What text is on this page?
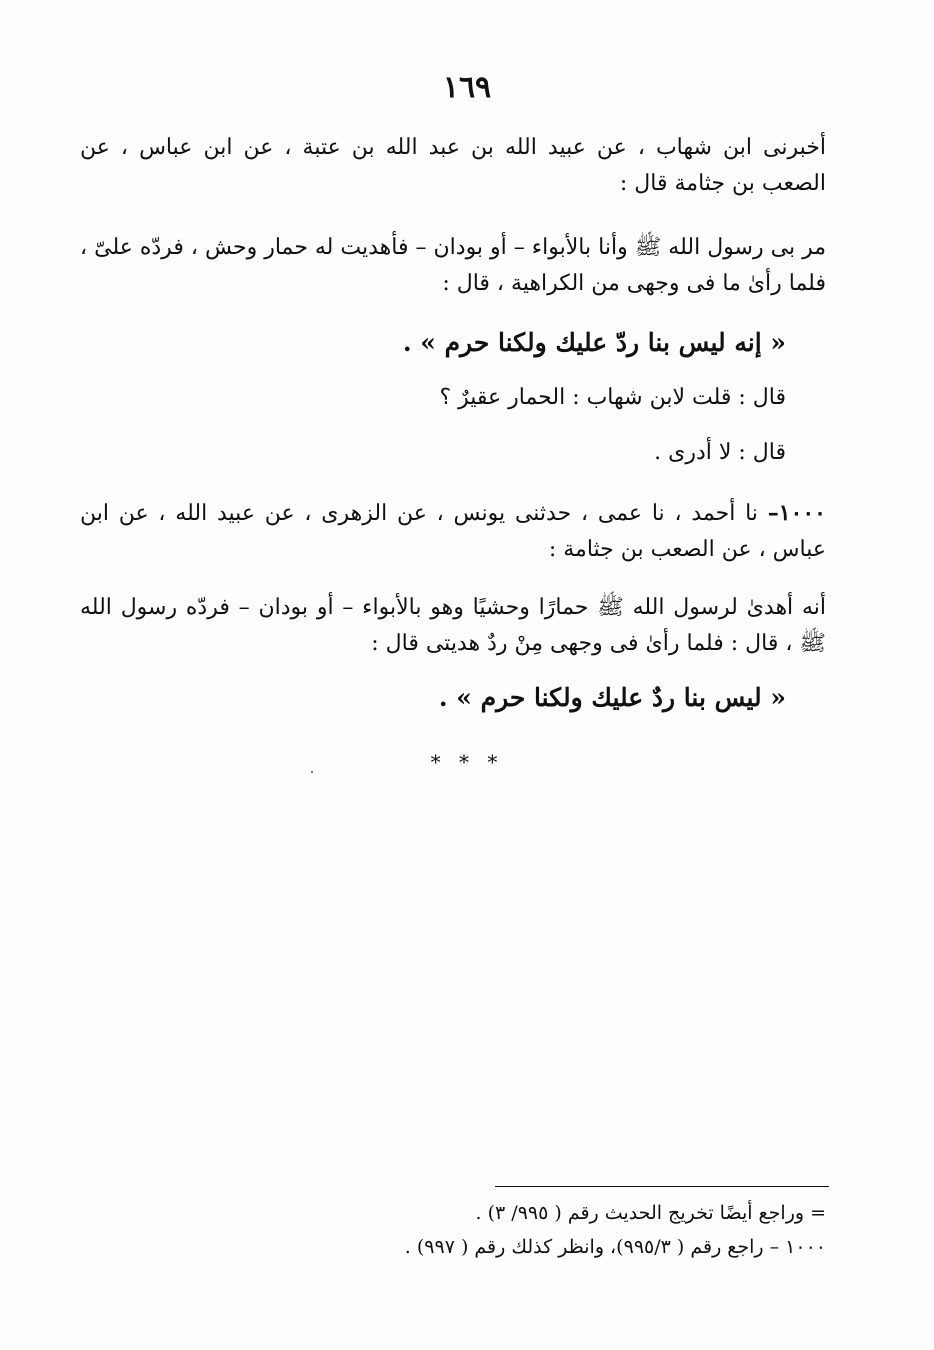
١٦٩

أخبرنى ابن شهاب ، عن عبيد الله بن عبد الله بن عتبة ، عن ابن عباس ، عن الصعب بن جثامة قال :

مر بى رسول الله ﷺ وأنا بالأبواء – أو بودان – فأهديت له حمار وحش ، فردّه علىّ ، فلما رأىٰ ما فى وجهى من الكراهية ، قال :

« إنه ليس بنا ردّ عليك ولكنا حرم » .

قال : قلت لابن شهاب : الحمار عقيرٌ ؟

قال : لا أدرى .

١٠٠٠– نا أحمد ، نا عمى ، حدثنى يونس ، عن الزهرى ، عن عبيد الله ، عن ابن عباس ، عن الصعب بن جثامة :

أنه أهدىٰ لرسول الله ﷺ حمارًا وحشيًا وهو بالأبواء – أو بودان – فردّه رسول الله ﷺ ، قال : فلما رأىٰ فى وجهى مِنْ ردٌ هديتى قال :

« ليس بنا ردٌ عليك ولكنا حرم » .

* * *

= وراجع أيضًا تخريج الحديث رقم ( ٩٩٥/ ٣) .

١٠٠٠ – راجع رقم ( ٩٩٥/٣)، وانظر كذلك رقم ( ٩٩٧) .
